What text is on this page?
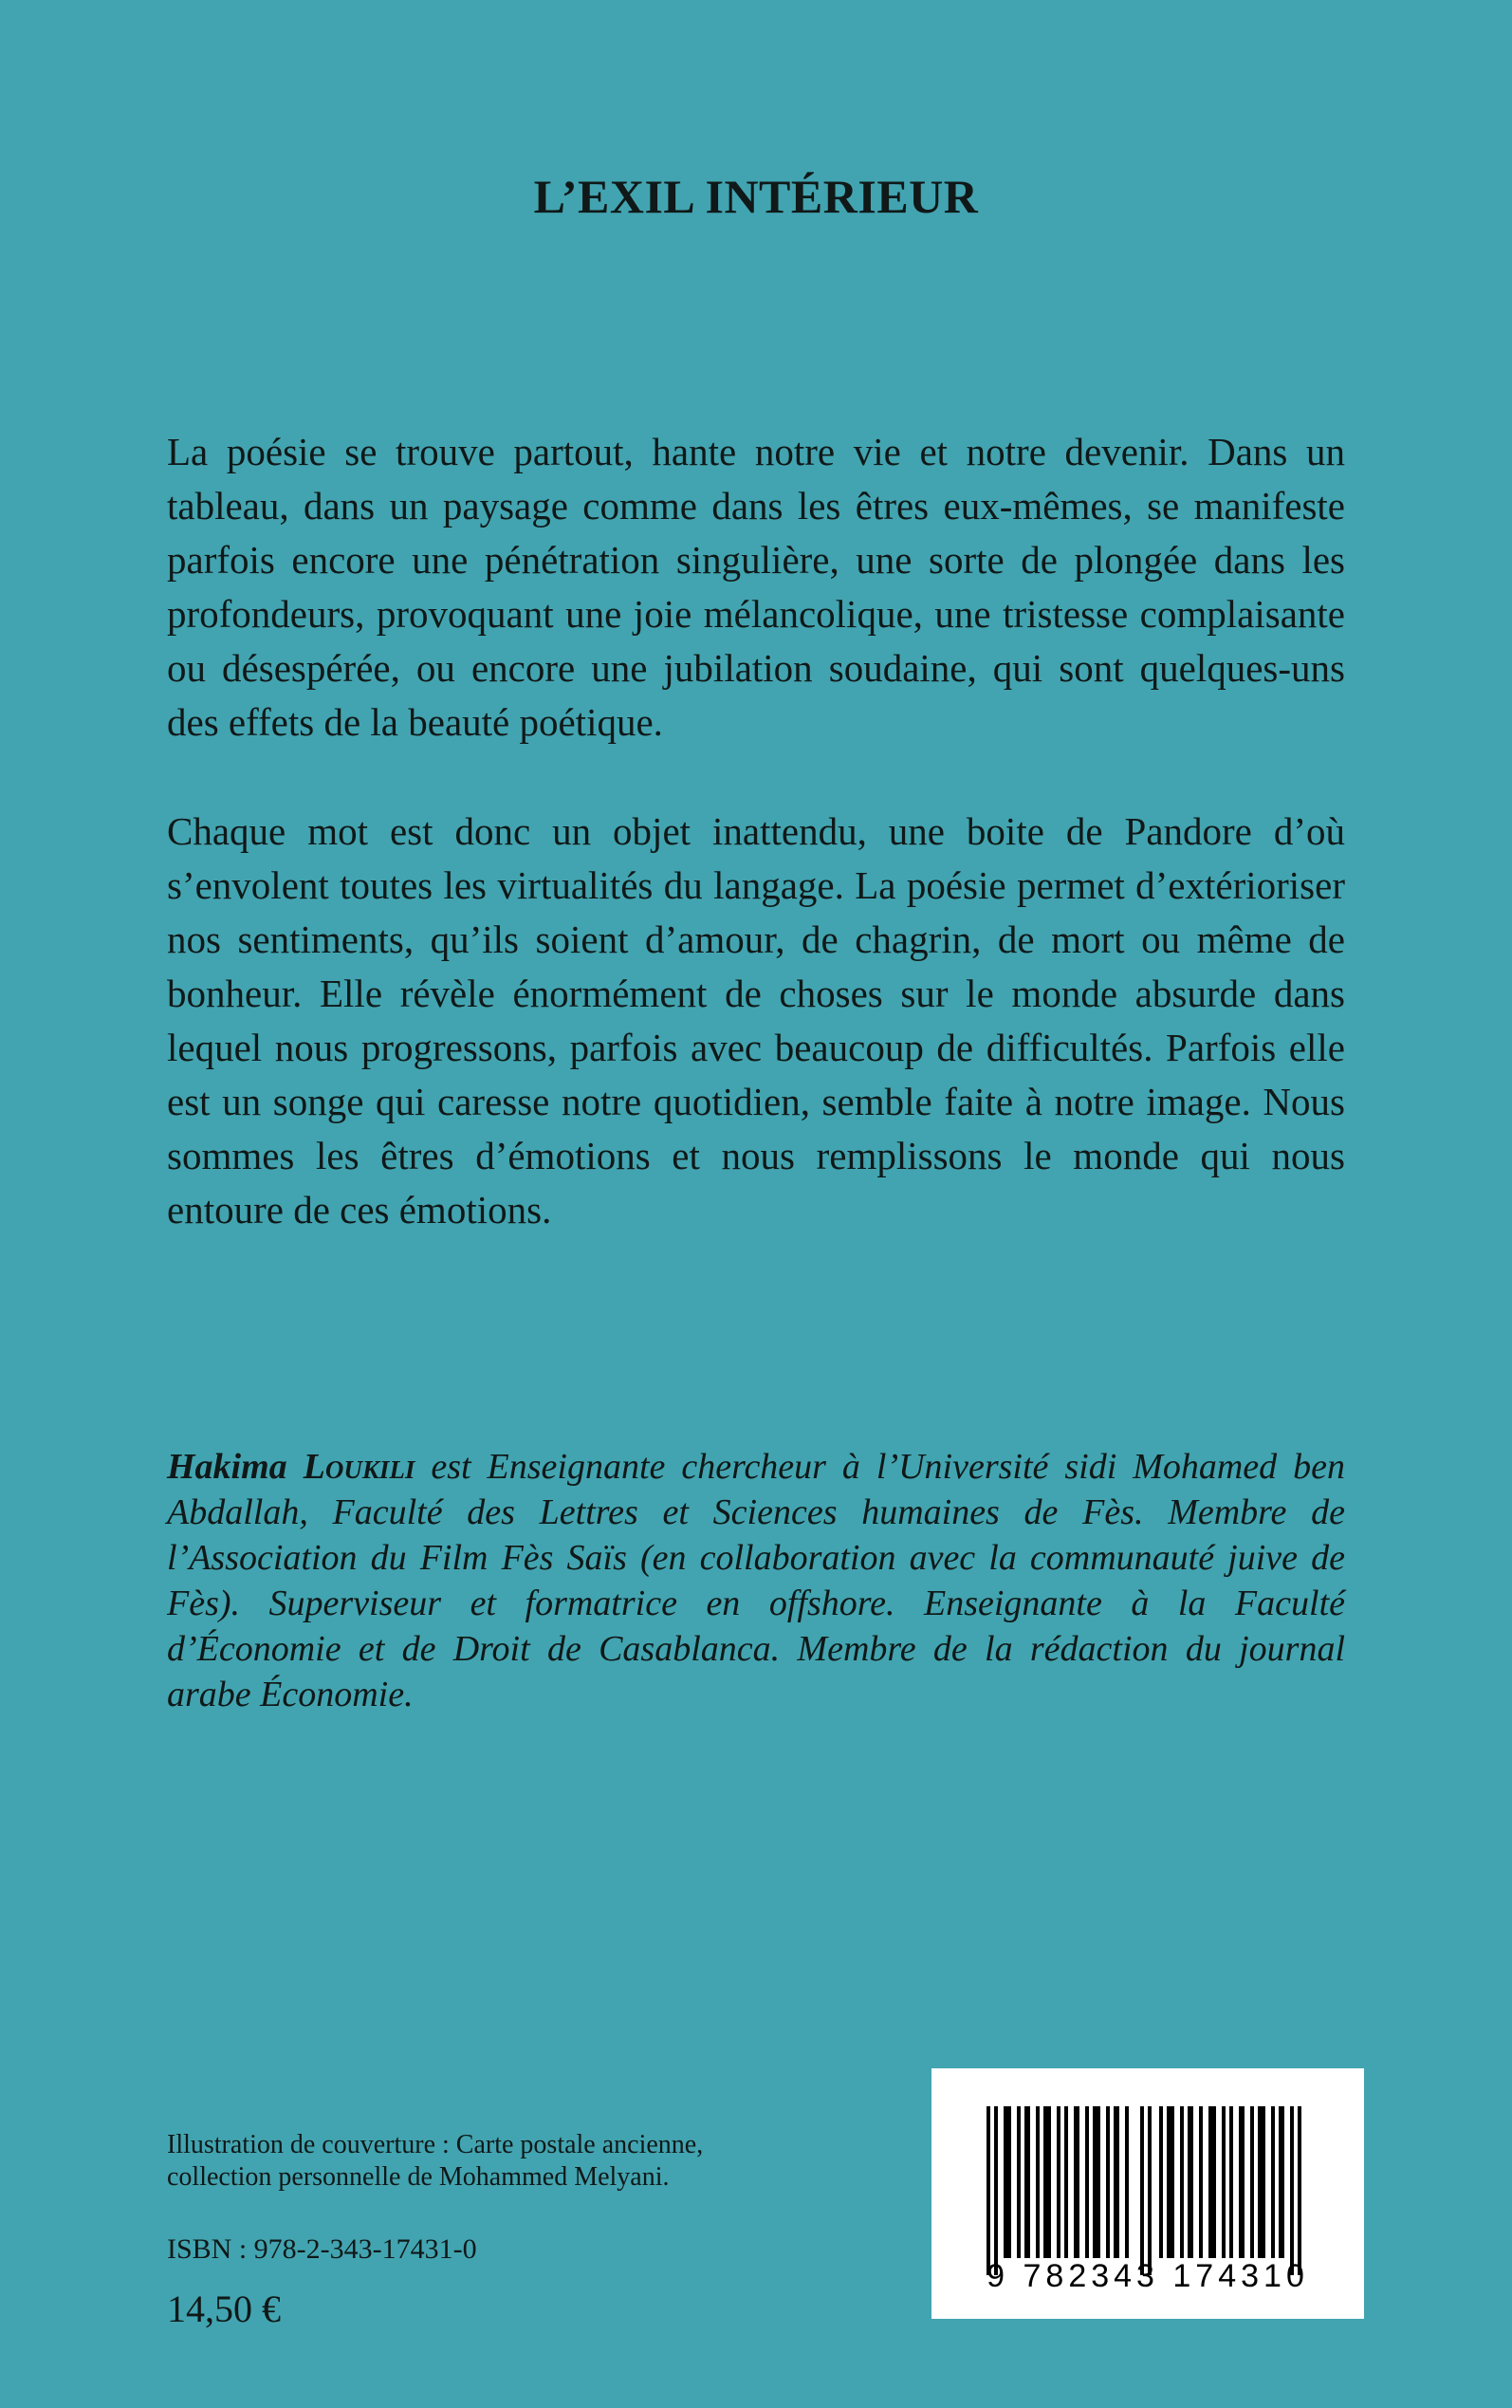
L’EXIL INTÉRIEUR

La poésie se trouve partout, hante notre vie et notre devenir. Dans un tableau, dans un paysage comme dans les êtres eux-mêmes, se manifeste parfois encore une pénétration singulière, une sorte de plongée dans les profondeurs, provoquant une joie mélancolique, une tristesse complaisante ou désespérée, ou encore une jubilation soudaine, qui sont quelques-uns des effets de la beauté poétique.

Chaque mot est donc un objet inattendu, une boite de Pandore d’où s’envolent toutes les virtualités du langage. La poésie permet d’extérioriser nos sentiments, qu’ils soient d’amour, de chagrin, de mort ou même de bonheur. Elle révèle énormément de choses sur le monde absurde dans lequel nous progressons, parfois avec beaucoup de difficultés. Parfois elle est un songe qui caresse notre quotidien, semble faite à notre image. Nous sommes les êtres d’émotions et nous remplissons le monde qui nous entoure de ces émotions.

Hakima Loukili est Enseignante chercheur à l’Université sidi Mohamed ben Abdallah, Faculté des Lettres et Sciences humaines de Fès. Membre de l’Association du Film Fès Saïs (en collaboration avec la communauté juive de Fès). Superviseur et formatrice en offshore. Enseignante à la Faculté d’Économie et de Droit de Casablanca. Membre de la rédaction du journal arabe Économie.
Illustration de couverture : Carte postale ancienne,
collection personnelle de Mohammed Melyani.
ISBN : 978-2-343-17431-0
14,50 €
9 782343 174310
